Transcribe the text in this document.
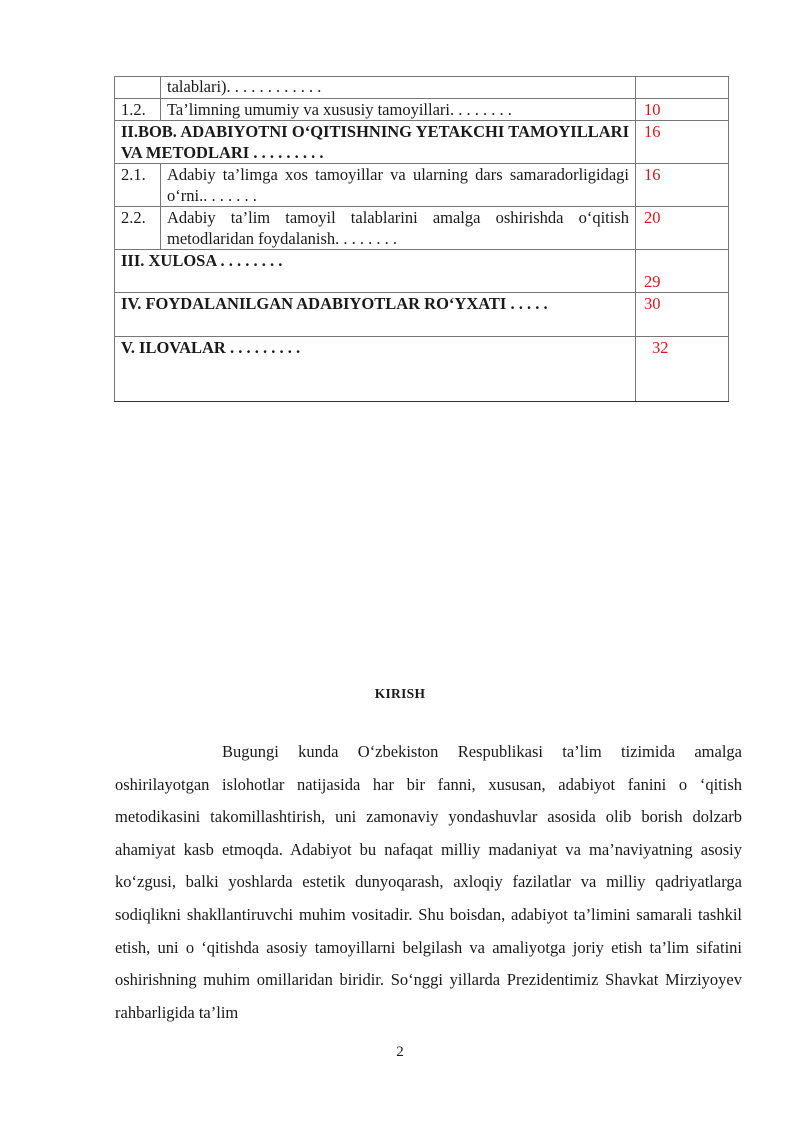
	talablari). . . . . . . . . . . .	
1.2.	Ta’limning umumiy va xususiy tamoyillari. . . . . . . .	10
II.BOB. ADABIYOTNI O‘QITISHNING YETAKCHI TAMOYILLARI VA METODLARI . . . . . . . . .		16
2.1.	Adabiy ta’limga xos tamoyillar va ularning dars samaradorligidagi o‘rni.. . . . . . .	16
2.2.	Adabiy ta’lim tamoyil talablarini amalga oshirishda o‘qitish metodlaridan foydalanish. . . . . . . .	20
III. XULOSA . . . . . . . .		29
IV. FOYDALANILGAN ADABIYOTLAR RO‘YXATI . . . . .		30
V. ILOVALAR . . . . . . . . .		32
KIRISH

Bugungi kunda O‘zbekiston Respublikasi ta’lim tizimida amalga oshirilayotgan islohotlar natijasida har bir fanni, xususan, adabiyot fanini o ‘qitish metodikasini takomillashtirish, uni zamonaviy yondashuvlar asosida olib borish dolzarb ahamiyat kasb etmoqda. Adabiyot bu nafaqat milliy madaniyat va ma’naviyatning asosiy ko‘zgusi, balki yoshlarda estetik dunyoqarash, axloqiy fazilatlar va milliy qadriyatlarga sodiqlikni shakllantiruvchi muhim vositadir. Shu boisdan, adabiyot ta’limini samarali tashkil etish, uni o ‘qitishda asosiy tamoyillarni belgilash va amaliyotga joriy etish ta’lim sifatini oshirishning muhim omillaridan biridir. So‘nggi yillarda Prezidentimiz Shavkat Mirziyoyev rahbarligida ta’lim

2
